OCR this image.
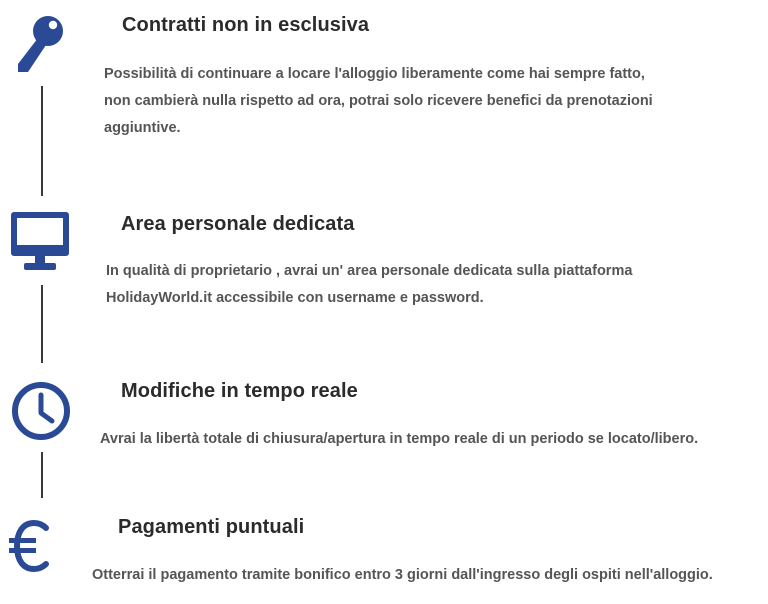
Contratti non in esclusiva

Possibilità di continuare a locare l'alloggio liberamente come hai sempre fatto,
non cambierà nulla rispetto ad ora, potrai solo ricevere benefici da prenotazioni
aggiuntive.

Area personale dedicata

In qualità di proprietario , avrai un' area personale dedicata sulla piattaforma
HolidayWorld.it accessibile con username e password.

Modifiche in tempo reale

Avrai la libertà totale di chiusura/apertura in tempo reale di un periodo se locato/libero.

Pagamenti puntuali

Otterrai il pagamento tramite bonifico entro 3 giorni dall'ingresso degli ospiti nell'alloggio.
